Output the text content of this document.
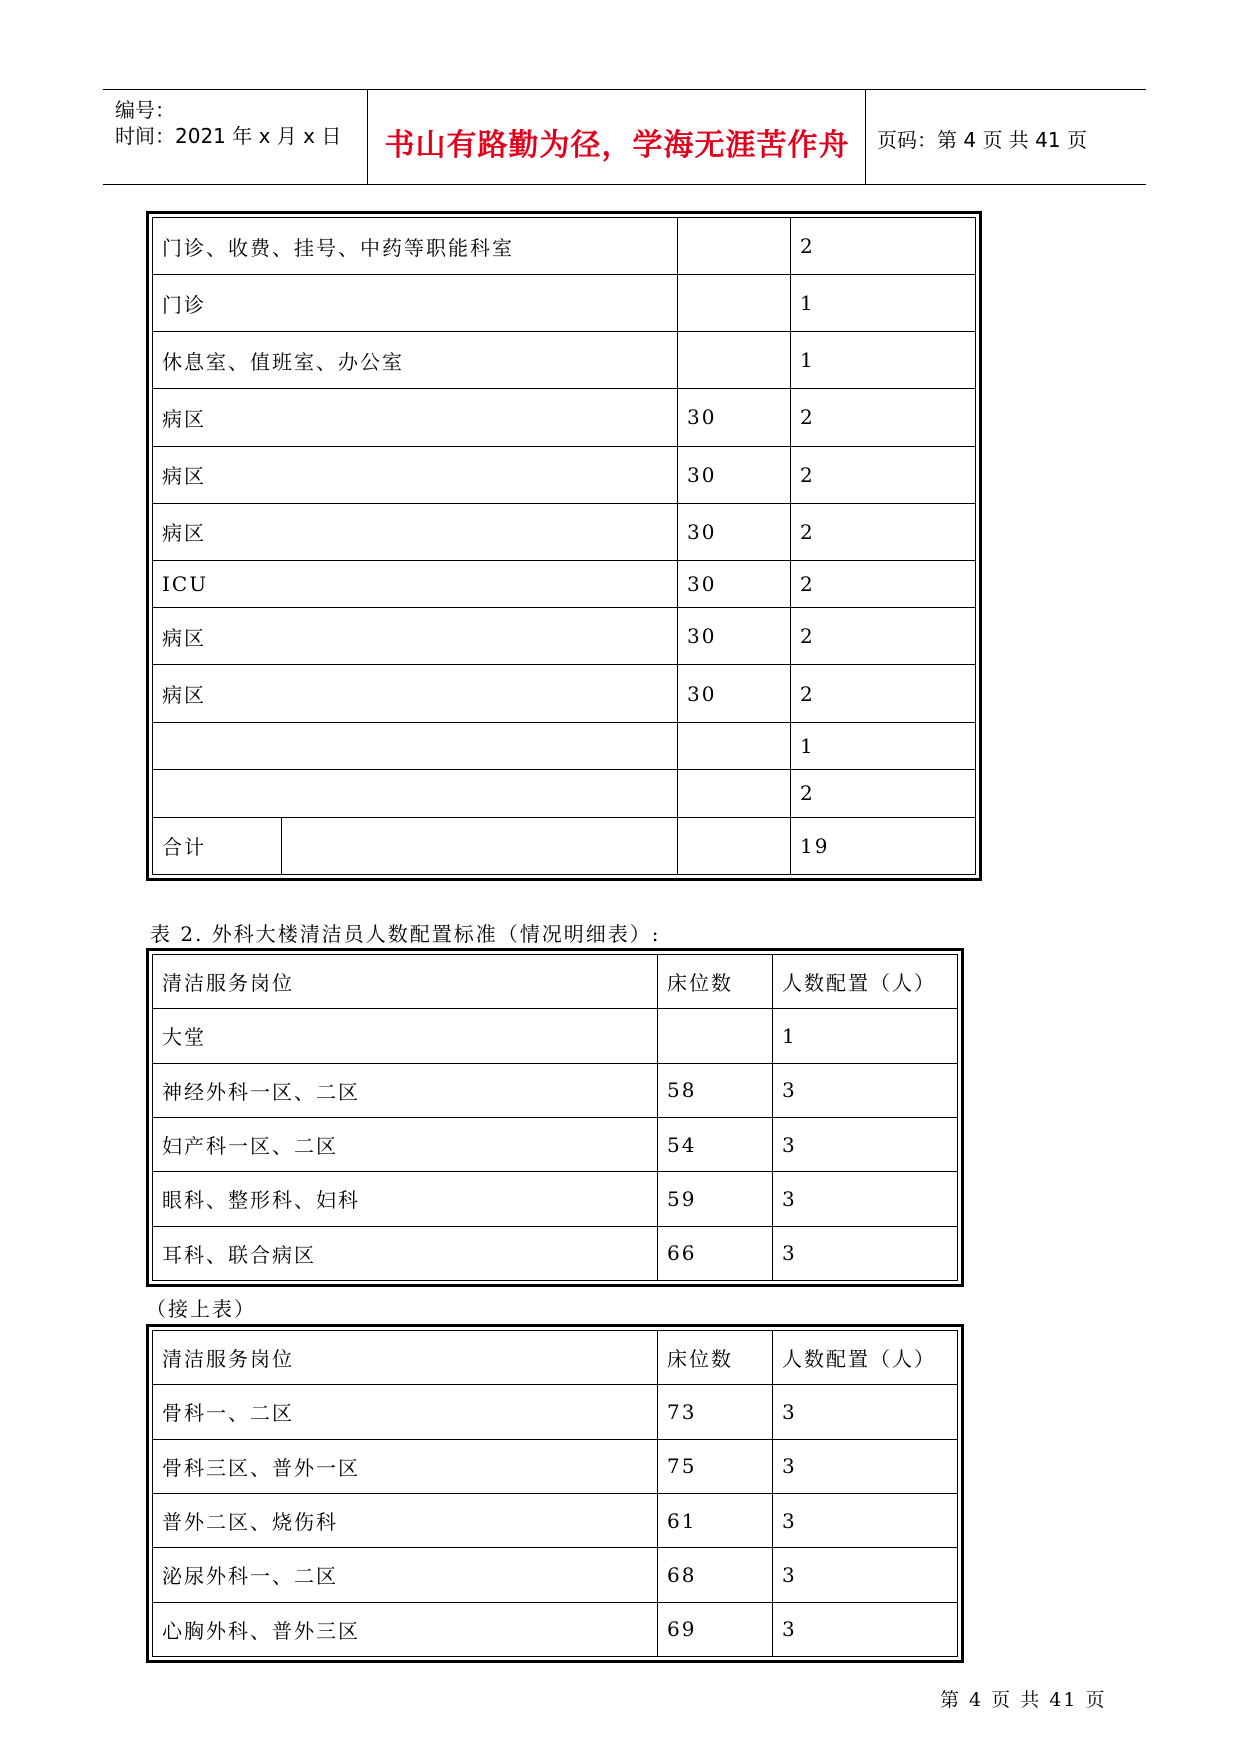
编号：
时间：2021 年 x 月 x 日	书山有路勤为径，学海无涯苦作舟	页码：第 4 页 共 41 页
门诊、收费、挂号、中药等职能科室			2
门诊			1
休息室、值班室、办公室			1
病区		30	2
病区		30	2
病区		30	2
ICU		30	2
病区		30	2
病区		30	2
			1
			2
合计			19
表 2. 外科大楼清洁员人数配置标准（情况明细表）:
清洁服务岗位	床位数	人数配置（人）
大堂		1
神经外科一区、二区	58	3
妇产科一区、二区	54	3
眼科、整形科、妇科	59	3
耳科、联合病区	66	3
（接上表）
清洁服务岗位	床位数	人数配置（人）
骨科一、二区	73	3
骨科三区、普外一区	75	3
普外二区、烧伤科	61	3
泌尿外科一、二区	68	3
心胸外科、普外三区	69	3
第 4 页 共 41 页
